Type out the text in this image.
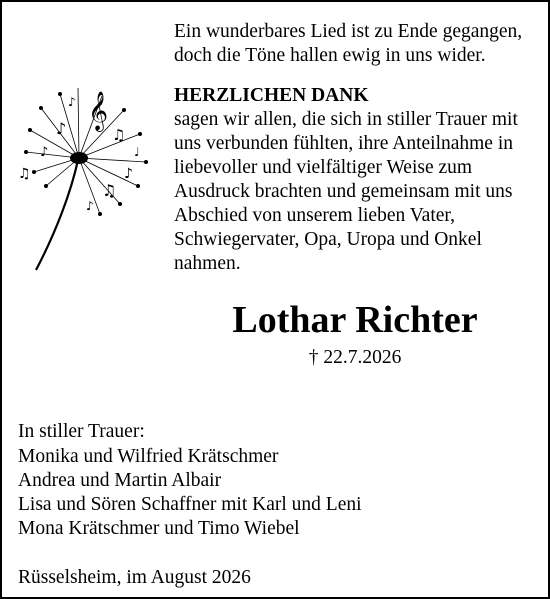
𝄞
♪	♫
♪
♫
♪
♫
♪
♩
♪
Ein wunderbares Lied ist zu Ende gegangen,
doch die Töne hallen ewig in uns wider.
HERZLICHEN DANK
sagen wir allen, die sich in stiller Trauer mit
uns verbunden fühlten, ihre Anteilnahme in
liebevoller und vielfältiger Weise zum
Ausdruck brachten und gemeinsam mit uns
Abschied von unserem lieben Vater,
Schwiegervater, Opa, Uropa und Onkel
nahmen.
Lothar Richter
† 22.7.2026
In stiller Trauer:
Monika und Wilfried Krätschmer
Andrea und Martin Albair
Lisa und Sören Schaffner mit Karl und Leni
Mona Krätschmer und Timo Wiebel
Rüsselsheim, im August 2026
